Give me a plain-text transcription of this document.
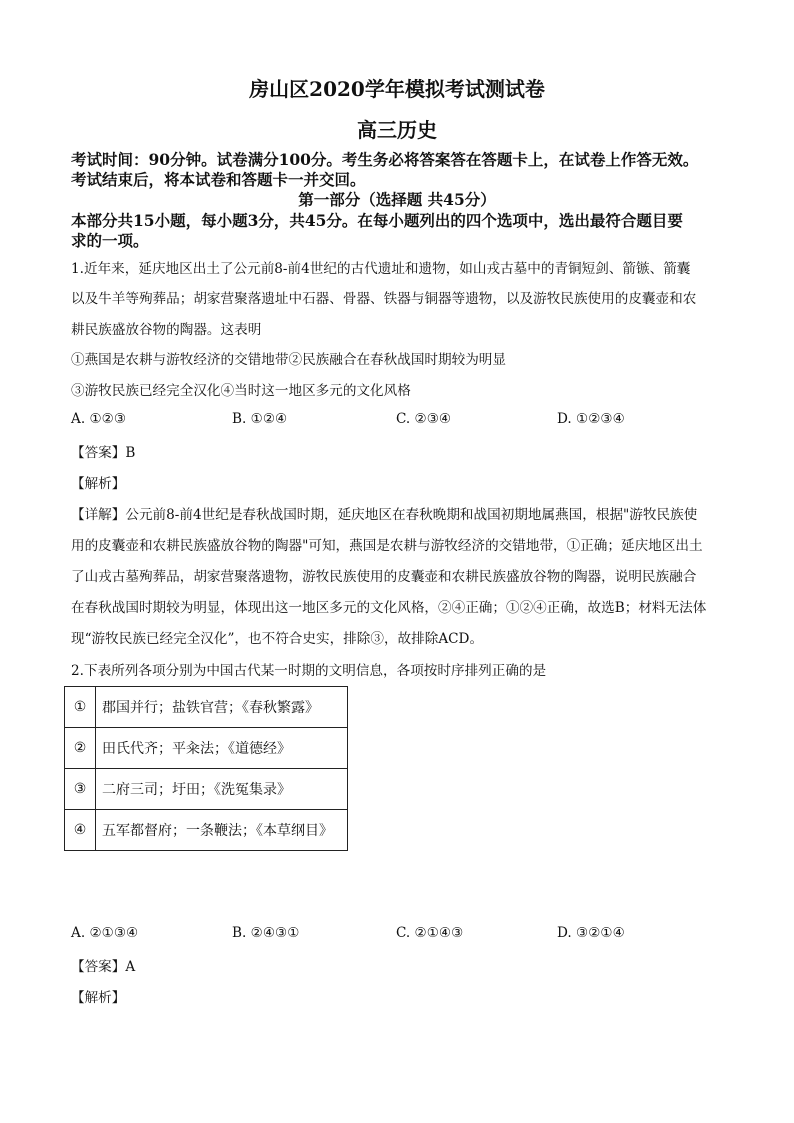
房山区2020学年模拟考试测试卷
高三历史
考试时间：90分钟。试卷满分100分。考生务必将答案答在答题卡上，在试卷上作答无效。
考试结束后，将本试卷和答题卡一并交回。
第一部分（选择题 共45分）
本部分共15小题，每小题3分，共45分。在每小题列出的四个选项中，选出最符合题目要
求的一项。
1.近年来，延庆地区出土了公元前8-前4世纪的古代遗址和遗物，如山戎古墓中的青铜短剑、箭镞、箭囊
以及牛羊等殉葬品；胡家营聚落遗址中石器、骨器、铁器与铜器等遗物，以及游牧民族使用的皮囊壶和农
耕民族盛放谷物的陶器。这表明
①燕国是农耕与游牧经济的交错地带②民族融合在春秋战国时期较为明显
③游牧民族已经完全汉化④当时这一地区多元的文化风格
A. ①②③	B. ①②④	C. ②③④	D. ①②③④
【答案】B
【解析】
【详解】公元前8-前4世纪是春秋战国时期，延庆地区在春秋晚期和战国初期地属燕国，根据"游牧民族使
用的皮囊壶和农耕民族盛放谷物的陶器"可知，燕国是农耕与游牧经济的交错地带，①正确；延庆地区出土
了山戎古墓殉葬品，胡家营聚落遗物，游牧民族使用的皮囊壶和农耕民族盛放谷物的陶器，说明民族融合
在春秋战国时期较为明显，体现出这一地区多元的文化风格，②④正确；①②④正确，故选B；材料无法体
现“游牧民族已经完全汉化”，也不符合史实，排除③，故排除ACD。
2.下表所列各项分别为中国古代某一时期的文明信息，各项按时序排列正确的是
①	郡国并行；盐铁官营；《春秋繁露》
②	田氏代齐；平籴法；《道德经》
③	二府三司；圩田；《洗冤集录》
④	五军都督府；一条鞭法；《本草纲目》
A. ②①③④	B. ②④③①	C. ②①④③	D. ③②①④
【答案】A
【解析】
